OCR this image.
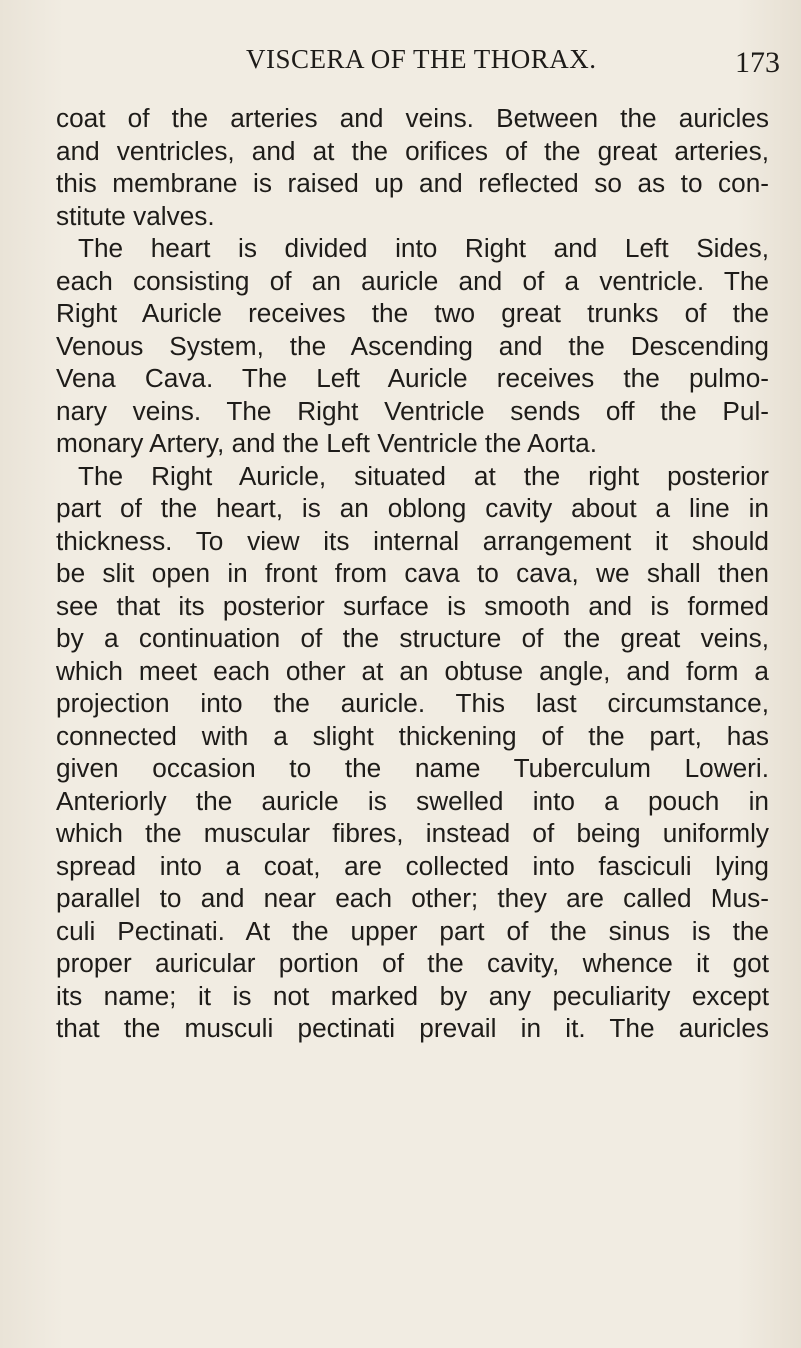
VISCERA OF THE THORAX.	173
coat of the arteries and veins. Between the auricles
and ventricles, and at the orifices of the great arteries,
this membrane is raised up and reflected so as to con-
stitute valves.
The heart is divided into Right and Left Sides,
each consisting of an auricle and of a ventricle. The
Right Auricle receives the two great trunks of the
Venous System, the Ascending and the Descending
Vena Cava. The Left Auricle receives the pulmo-
nary veins. The Right Ventricle sends off the Pul-
monary Artery, and the Left Ventricle the Aorta.
The Right Auricle, situated at the right posterior
part of the heart, is an oblong cavity about a line in
thickness. To view its internal arrangement it should
be slit open in front from cava to cava, we shall then
see that its posterior surface is smooth and is formed
by a continuation of the structure of the great veins,
which meet each other at an obtuse angle, and form a
projection into the auricle. This last circumstance,
connected with a slight thickening of the part, has
given occasion to the name Tuberculum Loweri.
Anteriorly the auricle is swelled into a pouch in
which the muscular fibres, instead of being uniformly
spread into a coat, are collected into fasciculi lying
parallel to and near each other; they are called Mus-
culi Pectinati. At the upper part of the sinus is the
proper auricular portion of the cavity, whence it got
its name; it is not marked by any peculiarity except
that the musculi pectinati prevail in it. The auricles
